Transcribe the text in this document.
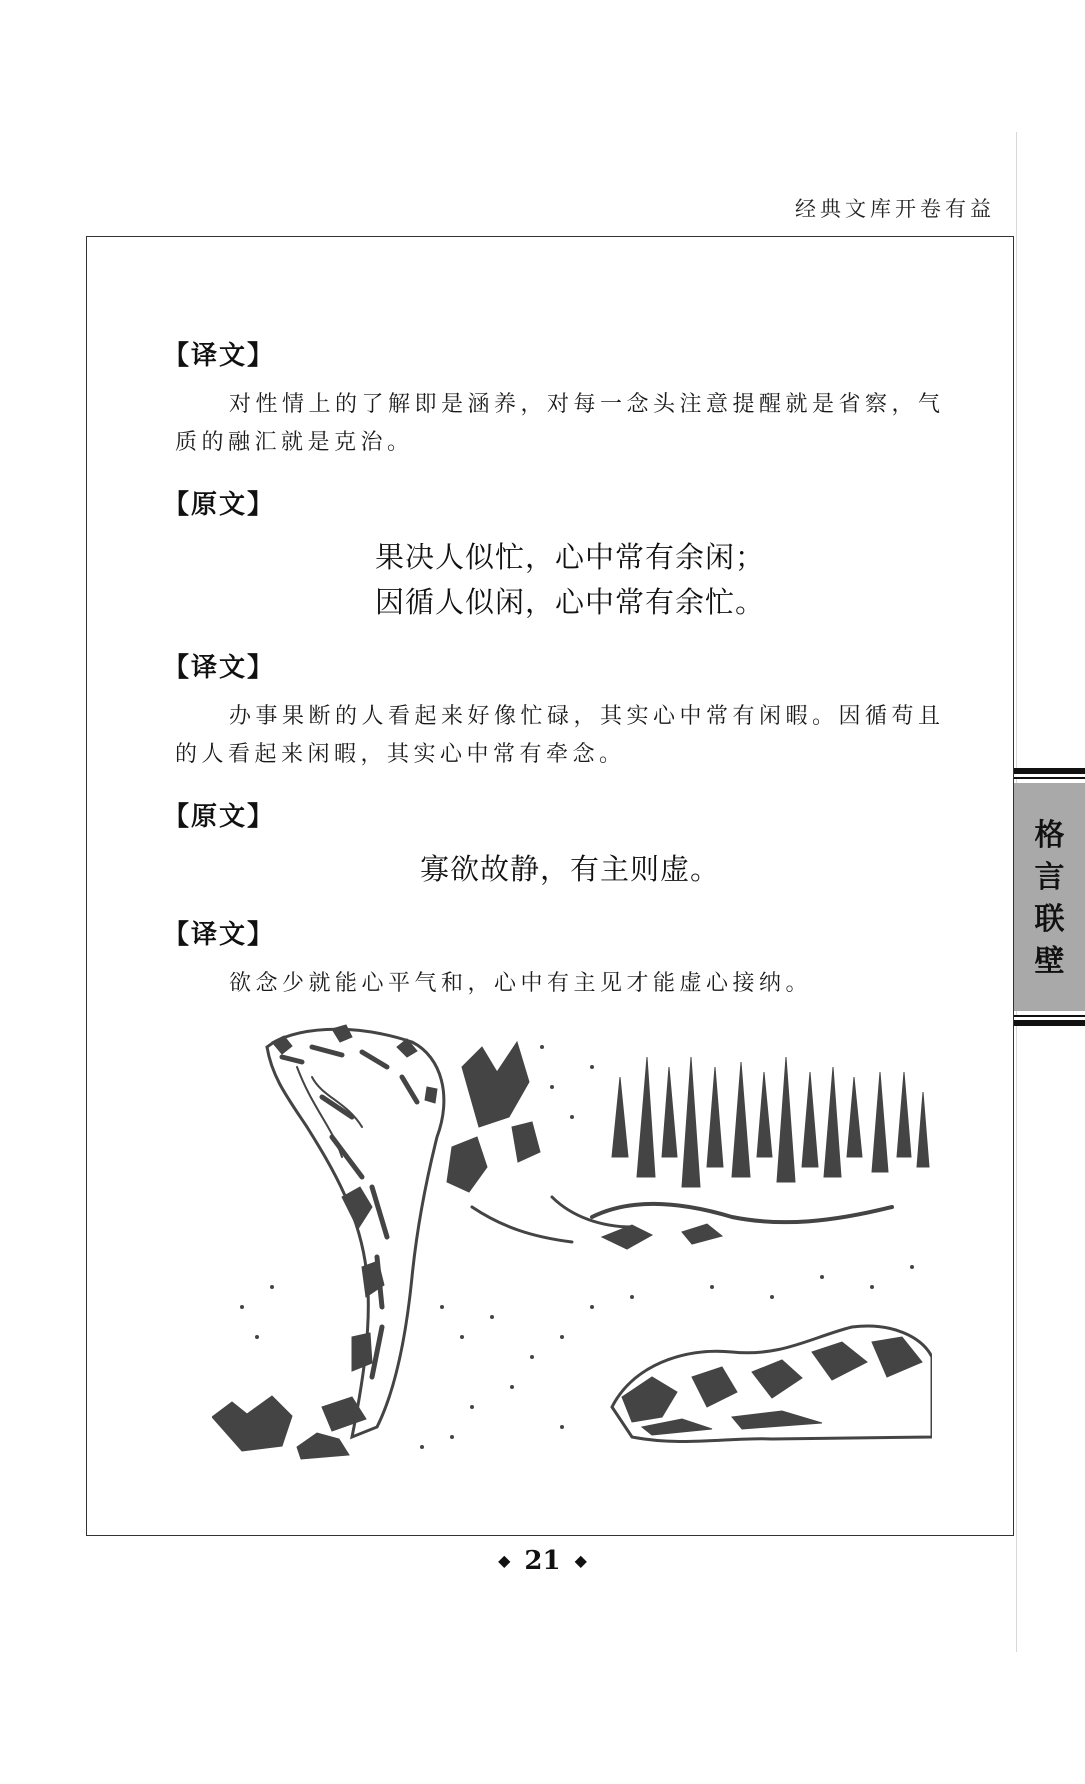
经典文库开卷有益
【译文】

对性情上的了解即是涵养，对每一念头注意提醒就是省察，气质的融汇就是克治。

【原文】
果决人似忙，心中常有余闲；
因循人似闲，心中常有余忙。
【译文】

办事果断的人看起来好像忙碌，其实心中常有闲暇。因循苟且的人看起来闲暇，其实心中常有牵念。

【原文】
寡欲故静，有主则虚。
【译文】

欲念少就能心平气和，心中有主见才能虚心接纳。

格
言
联
壁
◆ 21 ◆
